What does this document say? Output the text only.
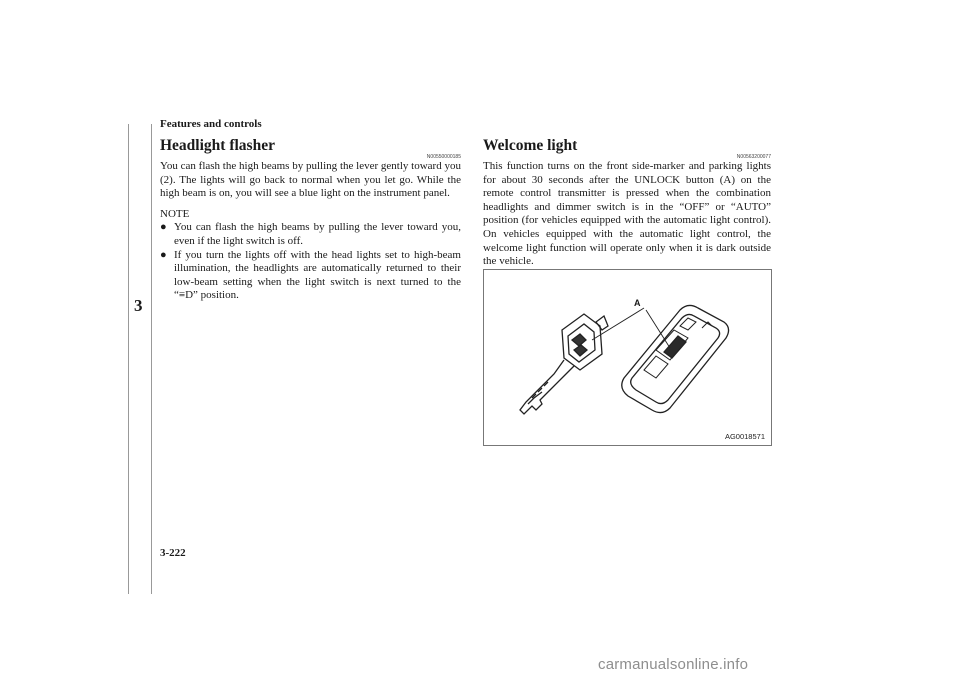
Features and controls
3
Headlight flasher
N00550000185
You can flash the high beams by pulling the lever gently toward you (2). The lights will go back to normal when you let go. While the high beam is on, you will see a blue light on the instrument panel.
NOTE
● You can flash the high beams by pulling the lever toward you, even if the light switch is off.
● If you turn the lights off with the head lights set to high-beam illumination, the headlights are automatically returned to their low-beam setting when the light switch is next turned to the “≡D” position.
Welcome light
N00563200077
This function turns on the front side-marker and parking lights for about 30 seconds after the UNLOCK button (A) on the remote control transmitter is pressed when the combination headlights and dimmer switch is in the “OFF” or “AUTO” position (for vehicles equipped with the automatic light control). On vehicles equipped with the automatic light control, the welcome light function will operate only when it is dark outside the vehicle.
A
AG0018571
3-222
carmanualsonline.info
